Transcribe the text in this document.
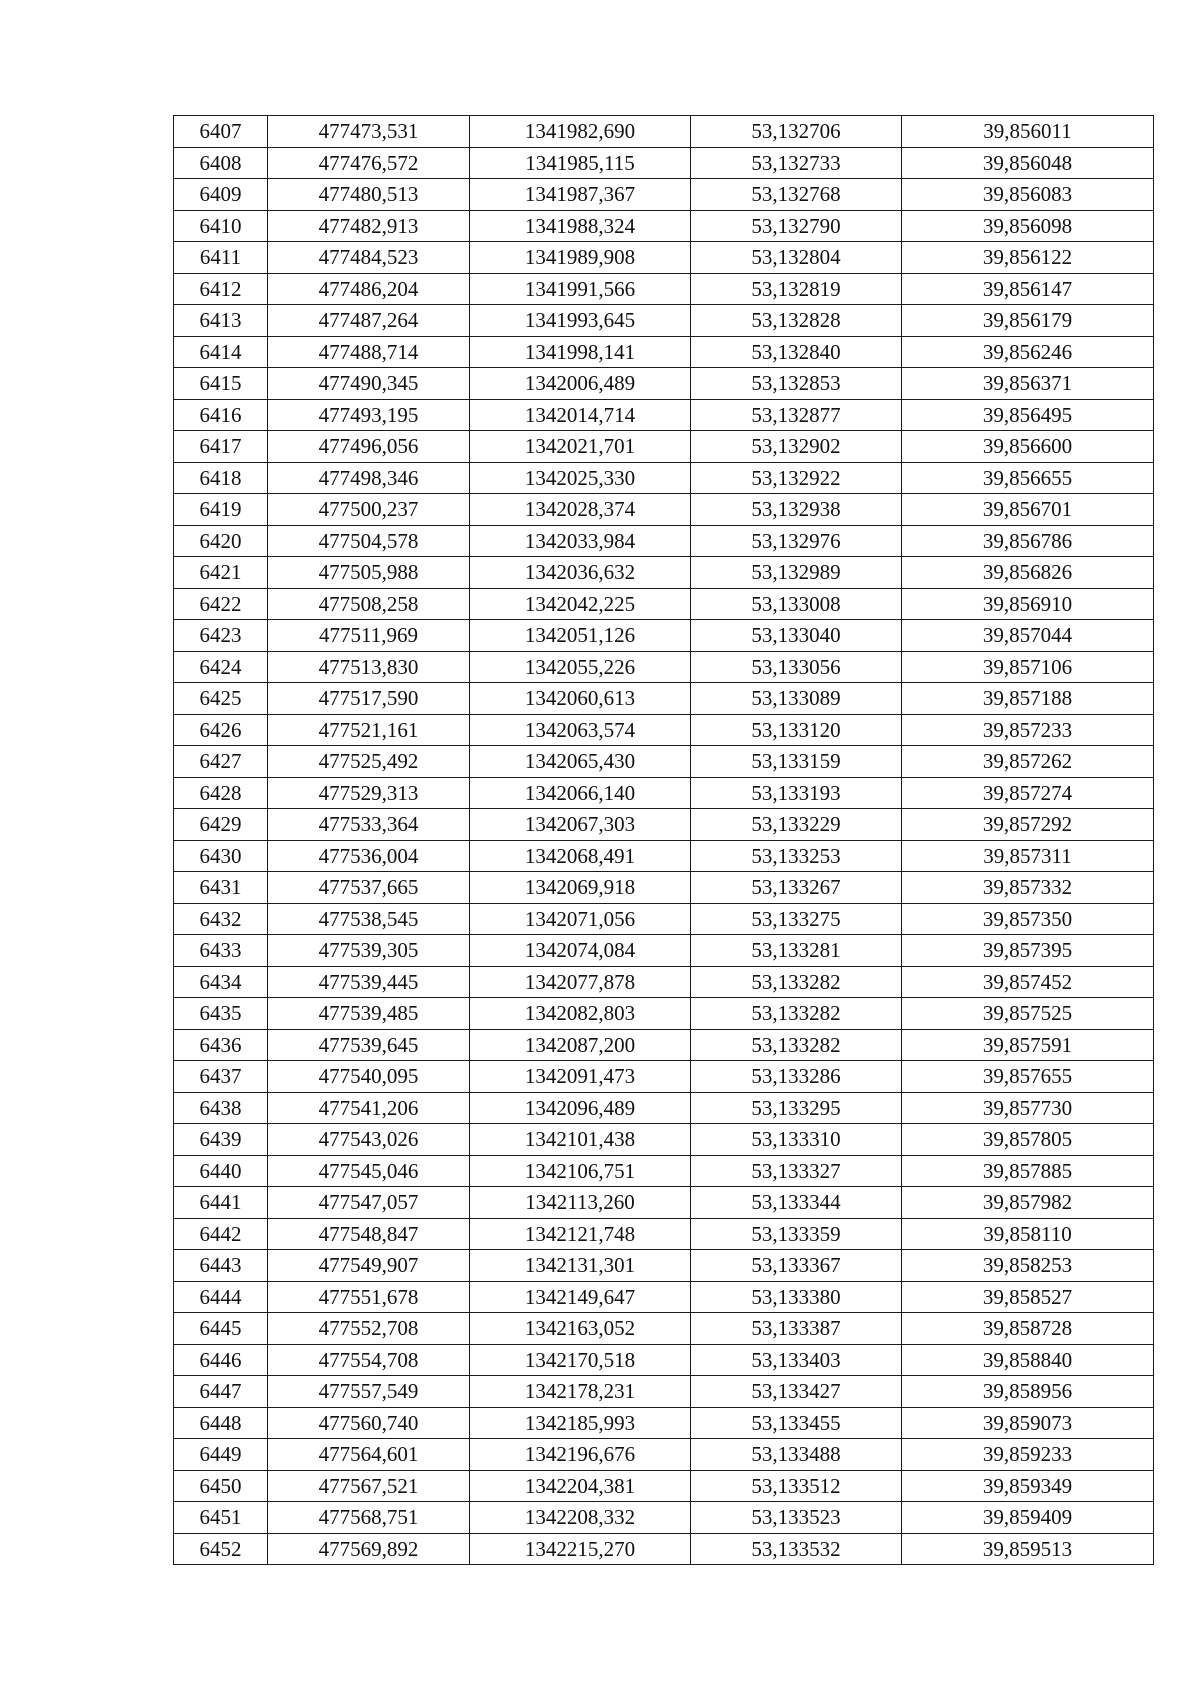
6407	477473,531	1341982,690	53,132706	39,856011
6408	477476,572	1341985,115	53,132733	39,856048
6409	477480,513	1341987,367	53,132768	39,856083
6410	477482,913	1341988,324	53,132790	39,856098
6411	477484,523	1341989,908	53,132804	39,856122
6412	477486,204	1341991,566	53,132819	39,856147
6413	477487,264	1341993,645	53,132828	39,856179
6414	477488,714	1341998,141	53,132840	39,856246
6415	477490,345	1342006,489	53,132853	39,856371
6416	477493,195	1342014,714	53,132877	39,856495
6417	477496,056	1342021,701	53,132902	39,856600
6418	477498,346	1342025,330	53,132922	39,856655
6419	477500,237	1342028,374	53,132938	39,856701
6420	477504,578	1342033,984	53,132976	39,856786
6421	477505,988	1342036,632	53,132989	39,856826
6422	477508,258	1342042,225	53,133008	39,856910
6423	477511,969	1342051,126	53,133040	39,857044
6424	477513,830	1342055,226	53,133056	39,857106
6425	477517,590	1342060,613	53,133089	39,857188
6426	477521,161	1342063,574	53,133120	39,857233
6427	477525,492	1342065,430	53,133159	39,857262
6428	477529,313	1342066,140	53,133193	39,857274
6429	477533,364	1342067,303	53,133229	39,857292
6430	477536,004	1342068,491	53,133253	39,857311
6431	477537,665	1342069,918	53,133267	39,857332
6432	477538,545	1342071,056	53,133275	39,857350
6433	477539,305	1342074,084	53,133281	39,857395
6434	477539,445	1342077,878	53,133282	39,857452
6435	477539,485	1342082,803	53,133282	39,857525
6436	477539,645	1342087,200	53,133282	39,857591
6437	477540,095	1342091,473	53,133286	39,857655
6438	477541,206	1342096,489	53,133295	39,857730
6439	477543,026	1342101,438	53,133310	39,857805
6440	477545,046	1342106,751	53,133327	39,857885
6441	477547,057	1342113,260	53,133344	39,857982
6442	477548,847	1342121,748	53,133359	39,858110
6443	477549,907	1342131,301	53,133367	39,858253
6444	477551,678	1342149,647	53,133380	39,858527
6445	477552,708	1342163,052	53,133387	39,858728
6446	477554,708	1342170,518	53,133403	39,858840
6447	477557,549	1342178,231	53,133427	39,858956
6448	477560,740	1342185,993	53,133455	39,859073
6449	477564,601	1342196,676	53,133488	39,859233
6450	477567,521	1342204,381	53,133512	39,859349
6451	477568,751	1342208,332	53,133523	39,859409
6452	477569,892	1342215,270	53,133532	39,859513
